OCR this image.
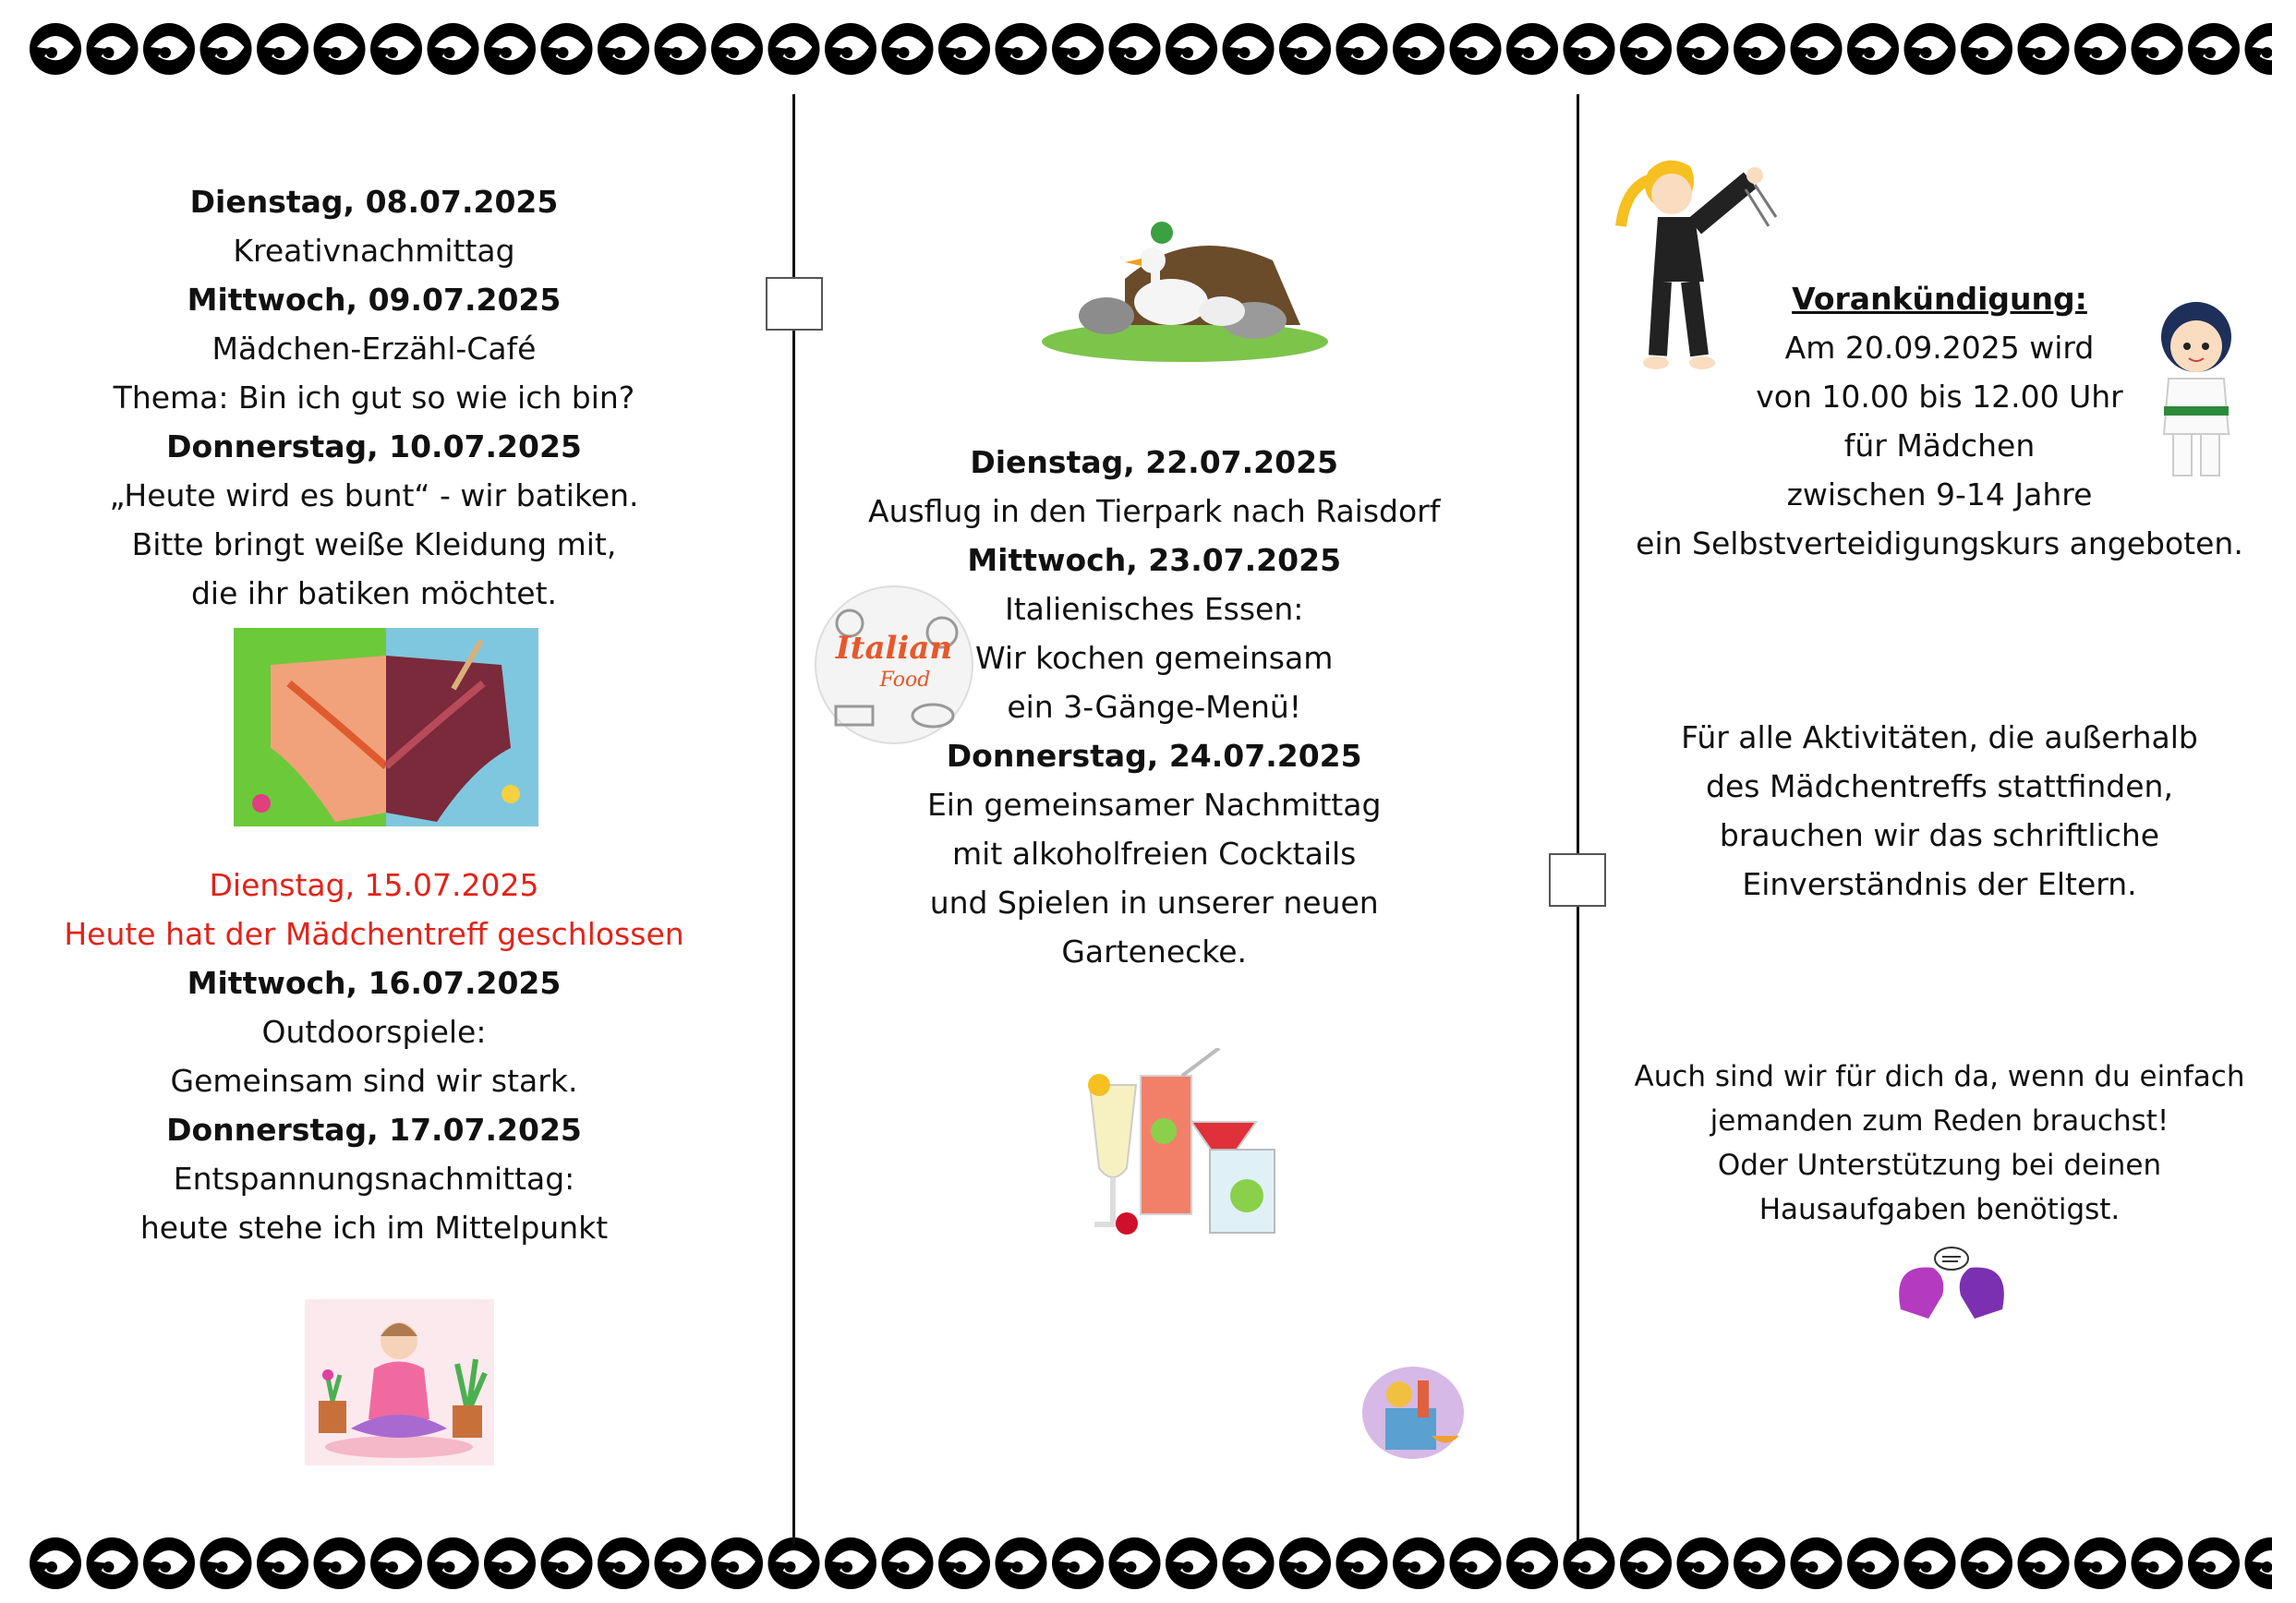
Dienstag, 08.07.2025

Kreativnachmittag

Mittwoch, 09.07.2025

Mädchen-Erzähl-Café

Thema: Bin ich gut so wie ich bin?

Donnerstag, 10.07.2025

„Heute wird es bunt“ - wir batiken.

Bitte bringt weiße Kleidung mit,

die ihr batiken möchtet.

Dienstag, 15.07.2025

Heute hat der Mädchentreff geschlossen

Mittwoch, 16.07.2025

Outdoorspiele:

Gemeinsam sind wir stark.

Donnerstag, 17.07.2025

Entspannungsnachmittag:

heute stehe ich im Mittelpunkt

Italian
Food

Dienstag, 22.07.2025

Ausflug in den Tierpark nach Raisdorf

Mittwoch, 23.07.2025

Italienisches Essen:

Wir kochen gemeinsam

ein 3-Gänge-Menü!

Donnerstag, 24.07.2025

Ein gemeinsamer Nachmittag

mit alkoholfreien Cocktails

und Spielen in unserer neuen

Gartenecke.

Vorankündigung:

Am 20.09.2025 wird

von 10.00 bis 12.00 Uhr

für Mädchen

zwischen 9-14 Jahre

ein Selbstverteidigungskurs angeboten.

Für alle Aktivitäten, die außerhalb

des Mädchentreffs stattfinden,

brauchen wir das schriftliche

Einverständnis der Eltern.

Auch sind wir für dich da, wenn du einfach

jemanden zum Reden brauchst!

Oder Unterstützung bei deinen

Hausaufgaben benötigst.
